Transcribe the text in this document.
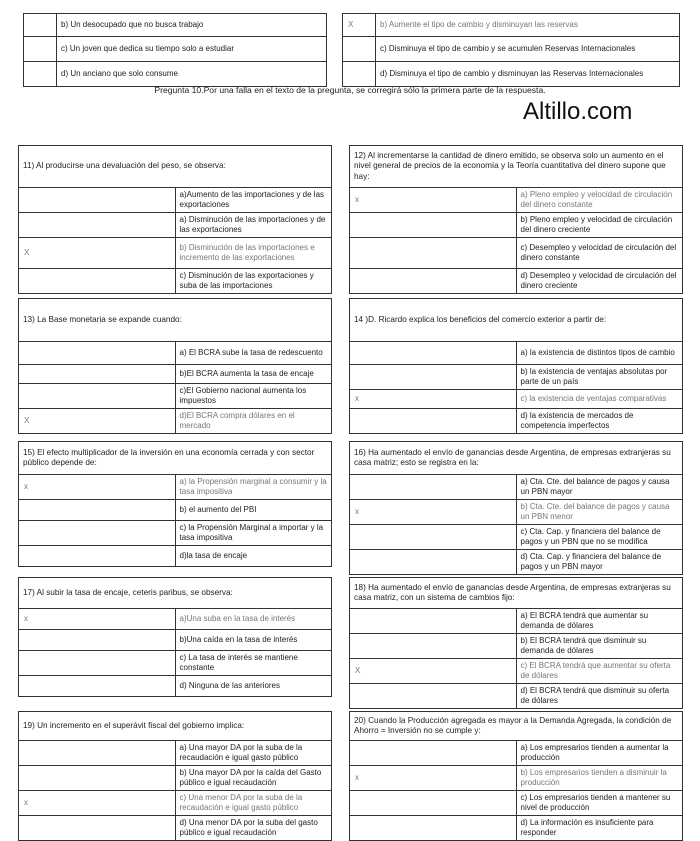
	b) Un desocupado que no busca trabajo
	c) Un joven que dedica su tiempo solo a estudiar
	d) Un anciano que solo consume
X	b) Aumente el tipo de cambio y disminuyan las reservas
	c) Disminuya el tipo de cambio y se acumulen Reservas Internacionales
	d) Disminuya el tipo de cambio y disminuyan las Reservas Internacionales
Pregunta 10.Por una falla en el texto de la pregunta, se corregirá sólo la primera parte de la respuesta.
Altillo.com
11) Al producirse una devaluación del peso, se observa:	
	a)Aumento de las importaciones y de las exportaciones
	a) Disminución de las importaciones y de las exportaciones
X	b) Disminución de las importaciones e incremento de las exportaciones
	c) Disminución de las exportaciones y suba de las importaciones
12) Al incrementarse la cantidad de dinero emitido, se observa solo un aumento en el nivel general de precios de la economía y la Teoría cuantitativa del dinero supone que hay:	
x	a) Pleno empleo y velocidad de circulación del dinero constante
	b) Pleno empleo y velocidad de circulación del dinero creciente
	c) Desempleo y velocidad de circulación del dinero constante
	d) Desempleo y velocidad de circulación del dinero creciente
13) La Base monetaria se expande cuando:	
	a) El BCRA sube la tasa de redescuento
	b)El BCRA aumenta la tasa de encaje
	c)El Gobierno nacional aumenta los impuestos
X	d)El BCRA compra dólares en el mercado
14 )D. Ricardo explica los beneficios del comercio exterior a partir de:	
	a) la existencia de distintos tipos de cambio
	b) la existencia de ventajas absolutas por parte de un país
x	c) la existencia de ventajas comparativas
	d) la existencia de mercados de competencia imperfectos
15) El efecto multiplicador de la inversión en una economía cerrada y con sector público depende de:	
x	a) la Propensión marginal a consumir y la tasa impositiva
	b) el aumento del PBI
	c) la Propensión Marginal a importar y la tasa impositiva
	d)la tasa de encaje
16) Ha aumentado el envío de ganancias desde Argentina, de empresas extranjeras su casa matriz; esto se registra en la:	
	a) Cta. Cte. del balance de pagos y causa un PBN mayor
x	b) Cta. Cte. del balance de pagos y causa un PBN menor
	c) Cta. Cap. y financiera del balance de pagos y un PBN que no se modifica
	d) Cta. Cap. y financiera del balance de pagos y un PBN mayor
17) Al subir la tasa de encaje, ceteris paribus, se observa:	
x	a)Una suba en la tasa de interés
	b)Una caída en la tasa de interés
	c) La tasa de interés se mantiene constante
	d) Ninguna de las anteriores
18) Ha aumentado el envío de ganancias desde Argentina, de empresas extranjeras su casa matriz, con un sistema de cambios fijo:	
	a) El BCRA tendrá que aumentar su demanda de dólares
	b) El BCRA tendrá que disminuir su demanda de dólares
X	c) El BCRA tendrá que aumentar su oferta de dólares
	d) El BCRA tendrá que disminuir su oferta de dólares
19) Un incremento en el superávit fiscal del gobierno implica:	
	a) Una mayor DA por la suba de la recaudación e igual gasto público
	b) Una mayor DA por la caída del Gasto público e igual recaudación
x	c) Una menor DA por la suba de la recaudación e igual gasto público
	d) Una menor DA por la suba del gasto público e igual recaudación
20) Cuando la Producción agregada es mayor a la Demanda Agregada, la condición de Ahorro = Inversión no se cumple y:	
	a) Los empresarios tienden a aumentar la producción
x	b) Los empresarios tienden a disminuir la producción
	c) Los empresarios tienden a mantener su nivel de producción
	d) La información es insuficiente para responder
